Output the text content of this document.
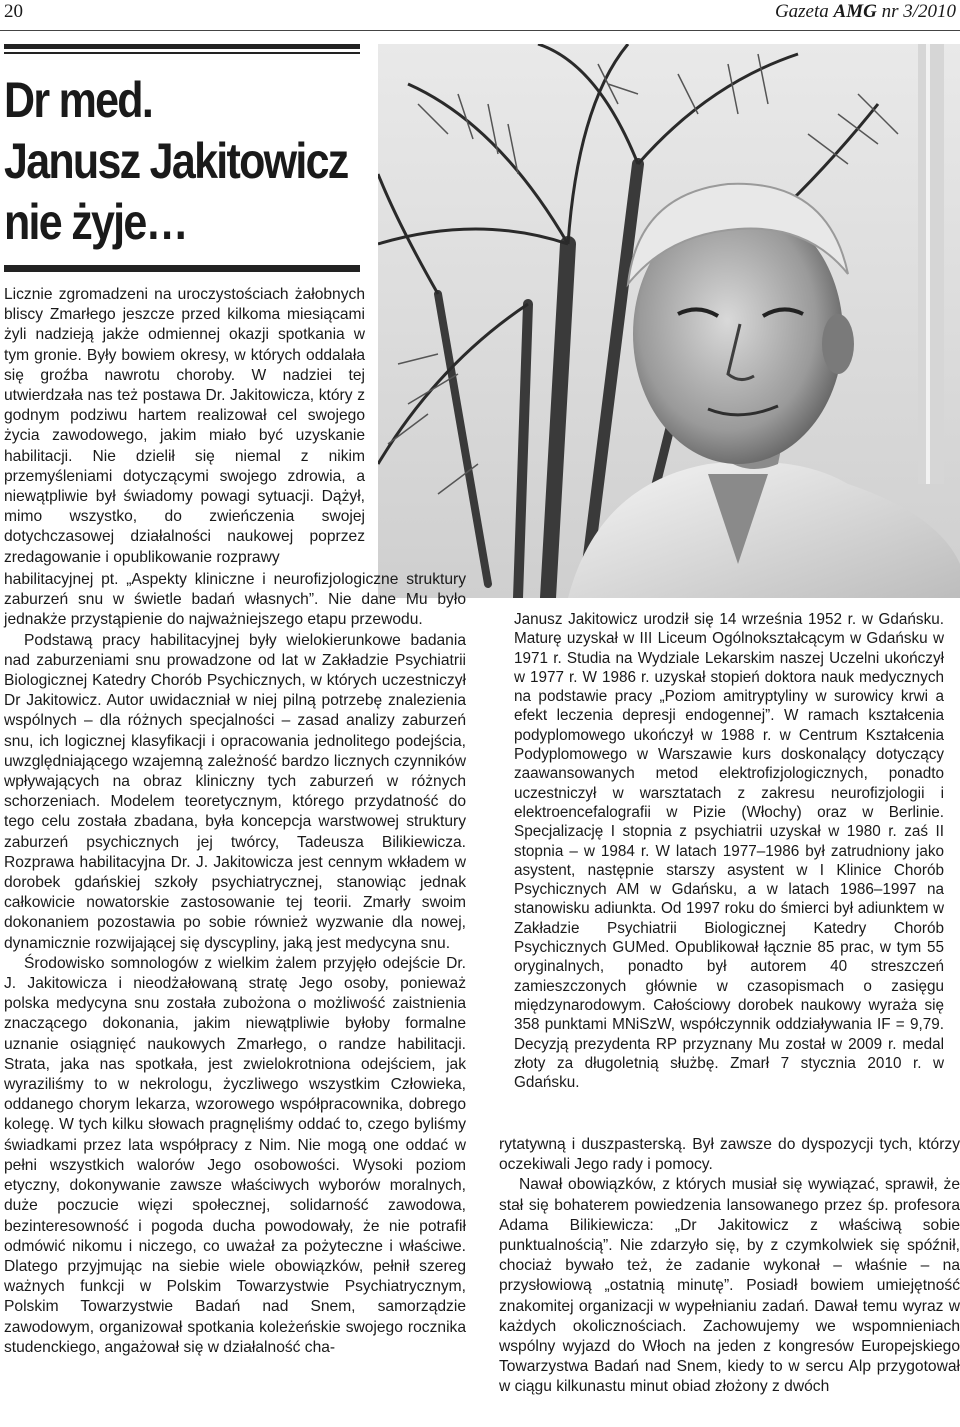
20	Gazeta AMG nr 3/2010
Dr med.
Janusz Jakitowicz
nie żyje…

Licznie zgromadzeni na uroczystościach żałobnych bliscy Zmarłego jeszcze przed kilkoma miesiącami żyli nadzieją jakże odmiennej okazji spotkania w tym gronie. Były bowiem okresy, w których oddalała się groźba nawrotu choroby. W nadziei tej utwierdzała nas też postawa Dr. Jakitowicza, który z godnym podziwu hartem realizował cel swojego życia zawodowego, jakim miało być uzyskanie habilitacji. Nie dzielił się niemal z nikim przemyśleniami dotyczącymi swojego zdrowia, a niewątpliwie był świadomy powagi sytuacji. Dążył, mimo wszystko, do zwieńczenia swojej dotychczasowej działalności naukowej poprzez zredagowanie i opublikowanie rozprawy

habilitacyjnej pt. „Aspekty kliniczne i neurofizjologiczne struktury zaburzeń snu w świetle badań własnych”. Nie dane Mu było jednakże przystąpienie do najważniejszego etapu przewodu.

Podstawą pracy habilitacyjnej były wielokierunkowe badania nad zaburzeniami snu prowadzone od lat w Zakładzie Psychiatrii Biologicznej Katedry Chorób Psychicznych, w których uczestniczył Dr Jakitowicz. Autor uwidaczniał w niej pilną potrzebę znalezienia wspólnych – dla różnych specjalności – zasad analizy zaburzeń snu, ich logicznej klasyfikacji i opracowania jednolitego podejścia, uwzględniającego wzajemną zależność bardzo licznych czynników wpływających na obraz kliniczny tych zaburzeń w różnych schorzeniach. Modelem teoretycznym, którego przydatność do tego celu została zbadana, była koncepcja warstwowej struktury zaburzeń psychicznych jej twórcy, Tadeusza Bilikiewicza. Rozprawa habilitacyjna Dr. J. Jakitowicza jest cennym wkładem w dorobek gdańskiej szkoły psychiatrycznej, stanowiąc jednak całkowicie nowatorskie zastosowanie tej teorii. Zmarły swoim dokonaniem pozostawia po sobie również wyzwanie dla nowej, dynamicznie rozwijającej się dyscypliny, jaką jest medycyna snu.

Środowisko somnologów z wielkim żalem przyjęło odejście Dr. J. Jakitowicza i nieodżałowaną stratę Jego osoby, ponieważ polska medycyna snu została zubożona o możliwość zaistnienia znaczącego dokonania, jakim niewątpliwie byłoby formalne uznanie osiągnięć naukowych Zmarłego, o randze habilitacji. Strata, jaka nas spotkała, jest zwielokrotniona odejściem, jak wyraziliśmy to w nekrologu, życzliwego wszystkim Człowieka, oddanego chorym lekarza, wzorowego współpracownika, dobrego kolegę. W tych kilku słowach pragnęliśmy oddać to, czego byliśmy świadkami przez lata współpracy z Nim. Nie mogą one oddać w pełni wszystkich walorów Jego osobowości. Wysoki poziom etyczny, dokonywanie zawsze właściwych wyborów moralnych, duże poczucie więzi społecznej, solidarność zawodowa, bezinteresowność i pogoda ducha powodowały, że nie potrafił odmówić nikomu i niczego, co uważał za pożyteczne i właściwe. Dlatego przyjmując na siebie wiele obowiązków, pełnił szereg ważnych funkcji w Polskim Towarzystwie Psychiatrycznym, Polskim Towarzystwie Badań nad Snem, samorządzie zawodowym, organizował spotkania koleżeńskie swojego rocznika studenckiego, angażował się w działalność cha-

Janusz Jakitowicz urodził się 14 września 1952 r. w Gdańsku. Maturę uzyskał w III Liceum Ogólnokształcącym w Gdańsku w 1971 r. Studia na Wydziale Lekarskim naszej Uczelni ukończył w 1977 r. W 1986 r. uzyskał stopień doktora nauk medycznych na podstawie pracy „Poziom amitryptyliny w surowicy krwi a efekt leczenia depresji endogennej”. W ramach kształcenia podyplomowego ukończył w 1988 r. w Centrum Kształcenia Podyplomowego w Warszawie kurs doskonalący dotyczący zaawansowanych metod elektrofizjologicznych, ponadto uczestniczył w warsztatach z zakresu neurofizjologii i elektroencefalografii w Pizie (Włochy) oraz w Berlinie. Specjalizację I stopnia z psychiatrii uzyskał w 1980 r. zaś II stopnia – w 1984 r. W latach 1977–1986 był zatrudniony jako asystent, następnie starszy asystent w I Klinice Chorób Psychicznych AM w Gdańsku, a w latach 1986–1997 na stanowisku adiunkta. Od 1997 roku do śmierci był adiunktem w Zakładzie Psychiatrii Biologicznej Katedry Chorób Psychicznych GUMed. Opublikował łącznie 85 prac, w tym 55 oryginalnych, ponadto był autorem 40 streszczeń zamieszczonych głównie w czasopismach o zasięgu międzynarodowym. Całościowy dorobek naukowy wyraża się 358 punktami MNiSzW, współczynnik oddziaływania IF = 9,79. Decyzją prezydenta RP przyznany Mu został w 2009 r. medal złoty za długoletnią służbę. Zmarł 7 stycznia 2010 r. w Gdańsku.

rytatywną i duszpasterską. Był zawsze do dyspozycji tych, którzy oczekiwali Jego rady i pomocy.

Nawał obowiązków, z których musiał się wywiązać, sprawił, że stał się bohaterem powiedzenia lansowanego przez śp. profesora Adama Bilikiewicza: „Dr Jakitowicz z właściwą sobie punktualnością”. Nie zdarzyło się, by z czymkolwiek się spóźnił, chociaż bywało też, że zadanie wykonał – właśnie – na przysłowiową „ostatnią minutę”. Posiadł bowiem umiejętność znakomitej organizacji w wypełnianiu zadań. Dawał temu wyraz w każdych okolicznościach. Zachowujemy we wspomnieniach wspólny wyjazd do Włoch na jeden z kongresów Europejskiego Towarzystwa Badań nad Snem, kiedy to w sercu Alp przygotował w ciągu kilkunastu minut obiad złożony z dwóch
